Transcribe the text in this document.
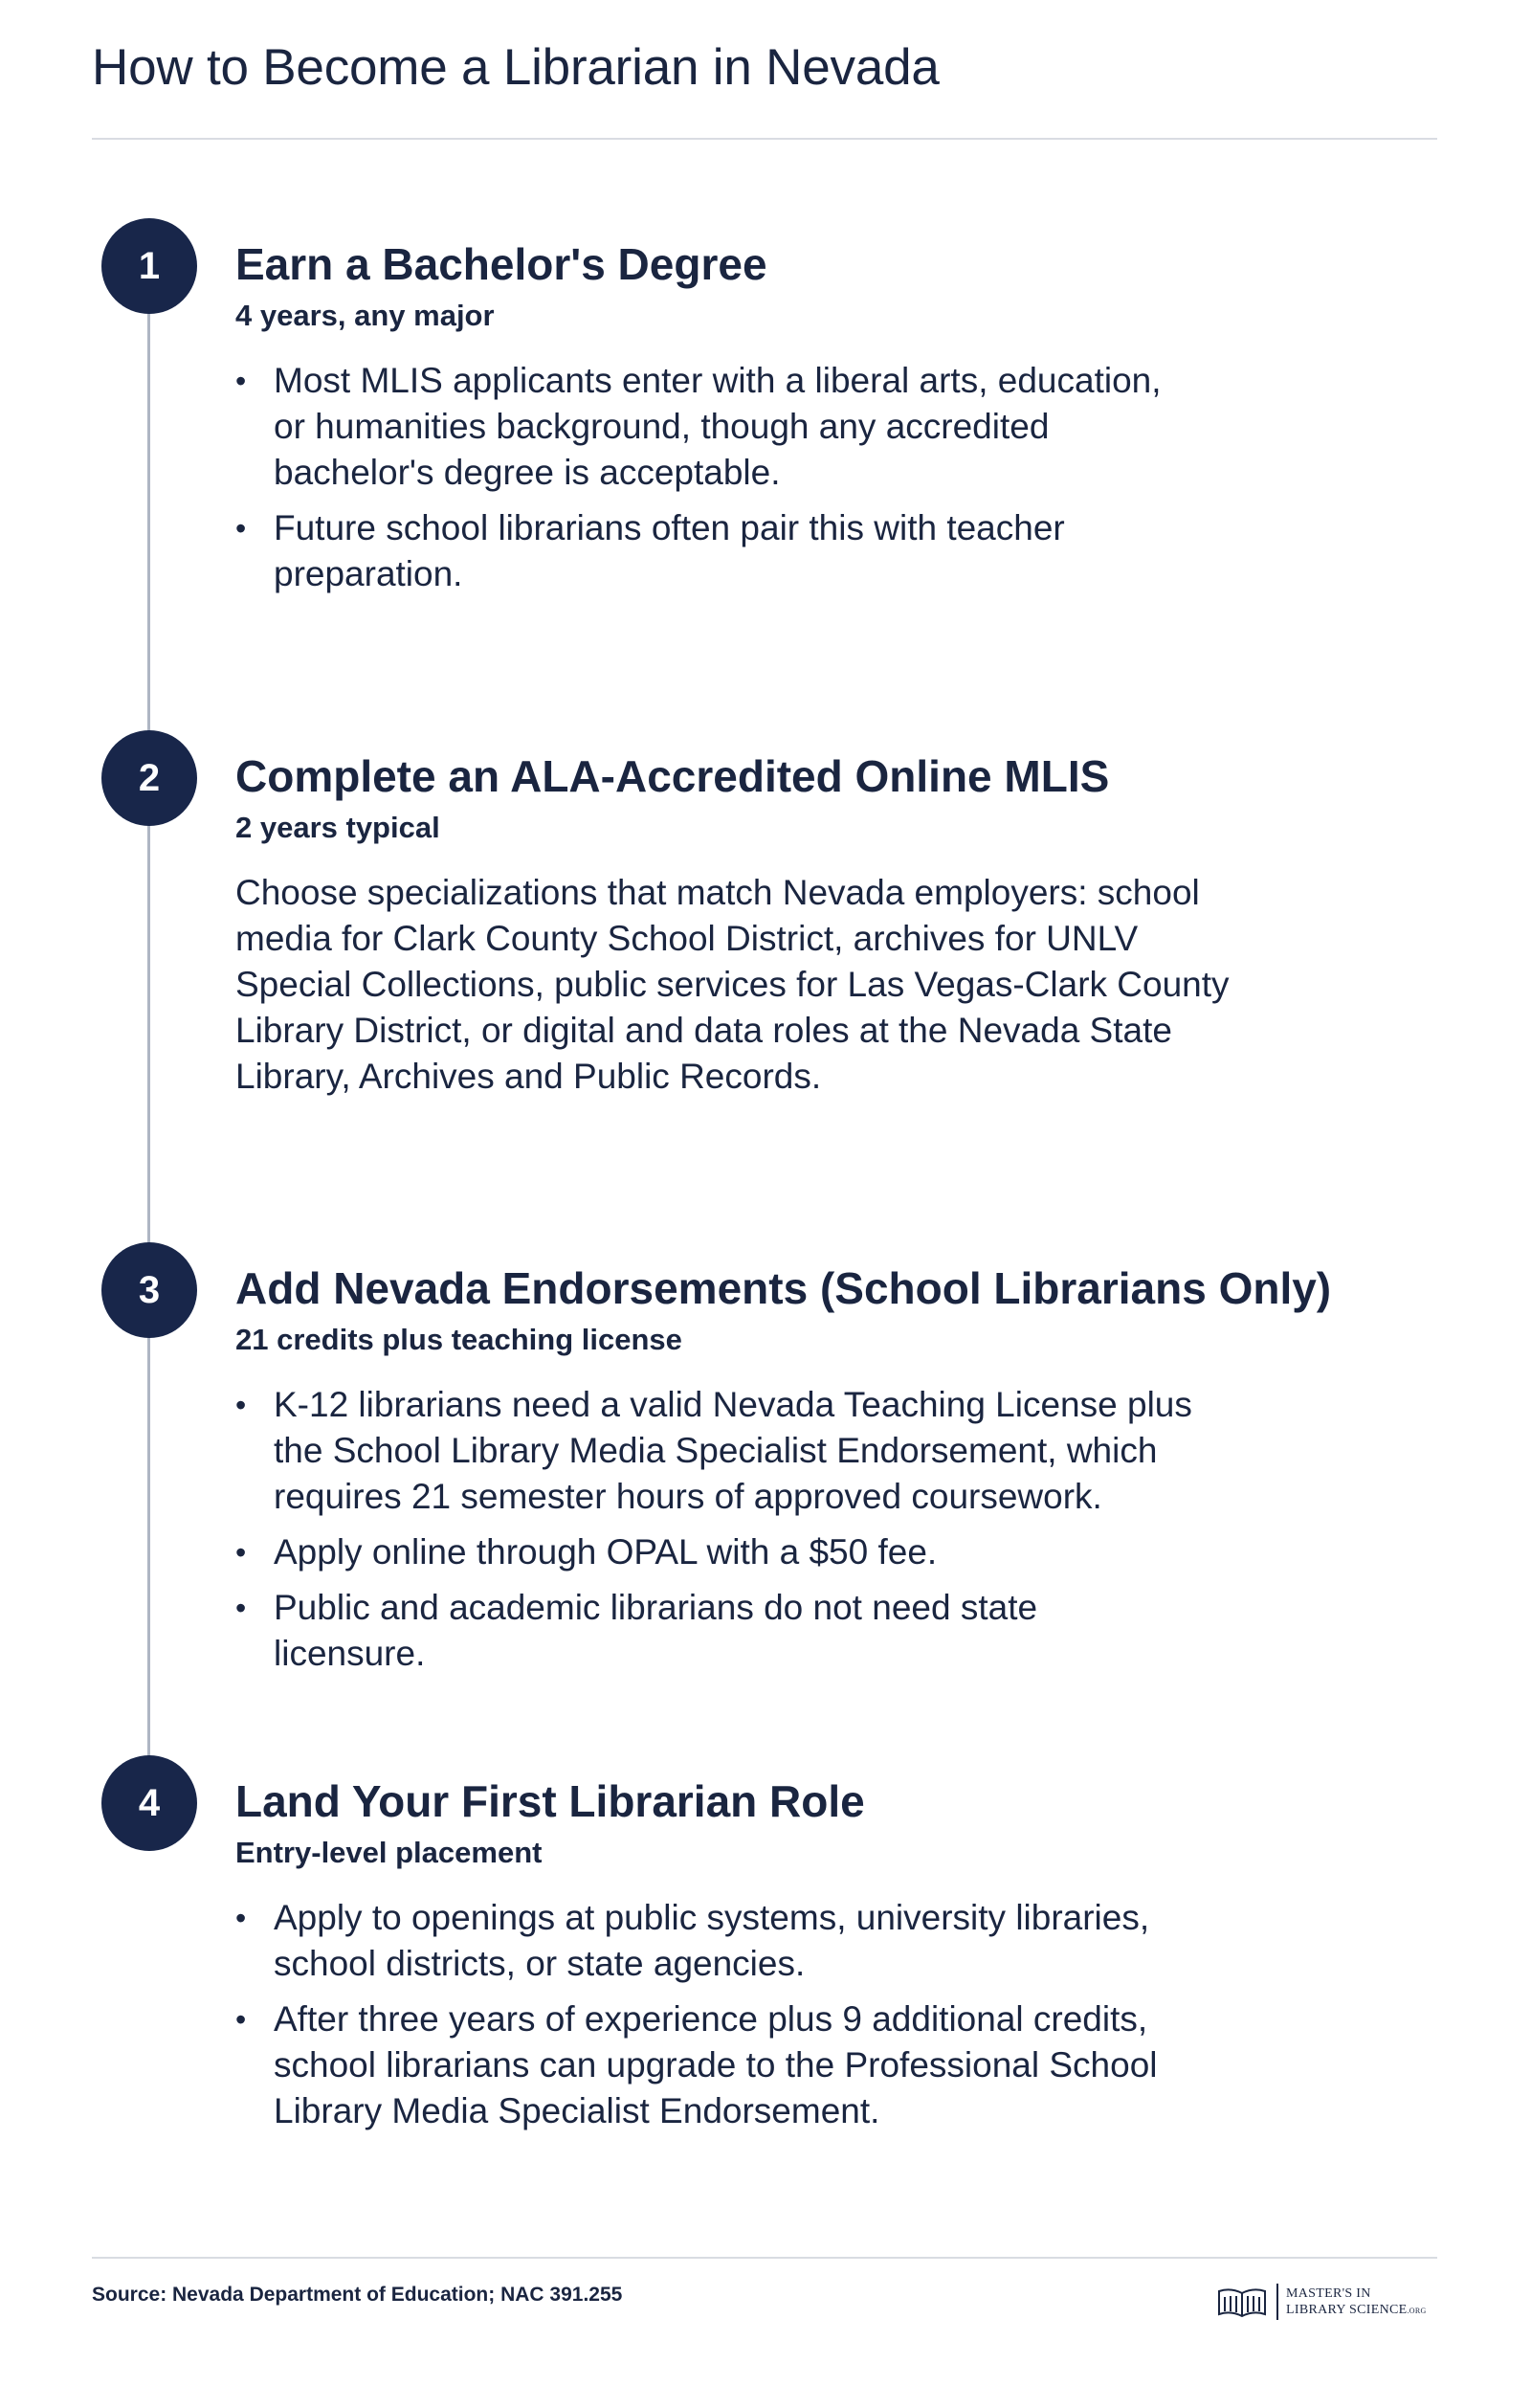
How to Become a Librarian in Nevada
1	Earn a Bachelor's Degree
4 years, any major
• Most MLIS applicants enter with a liberal arts, education, or humanities background, though any accredited bachelor's degree is acceptable.
• Future school librarians often pair this with teacher preparation.
2	Complete an ALA-Accredited Online MLIS
2 years typical

Choose specializations that match Nevada employers: school media for Clark County School District, archives for UNLV Special Collections, public services for Las Vegas-Clark County Library District, or digital and data roles at the Nevada State Library, Archives and Public Records.

3	Add Nevada Endorsements (School Librarians Only)
21 credits plus teaching license
• K-12 librarians need a valid Nevada Teaching License plus the School Library Media Specialist Endorsement, which requires 21 semester hours of approved coursework.
• Apply online through OPAL with a $50 fee.
• Public and academic librarians do not need state licensure.
4	Land Your First Librarian Role
Entry-level placement
• Apply to openings at public systems, university libraries, school districts, or state agencies.
• After three years of experience plus 9 additional credits, school librarians can upgrade to the Professional School Library Media Specialist Endorsement.
Source: Nevada Department of Education; NAC 391.255	MASTER'S IN
LIBRARY SCIENCE.ORG
